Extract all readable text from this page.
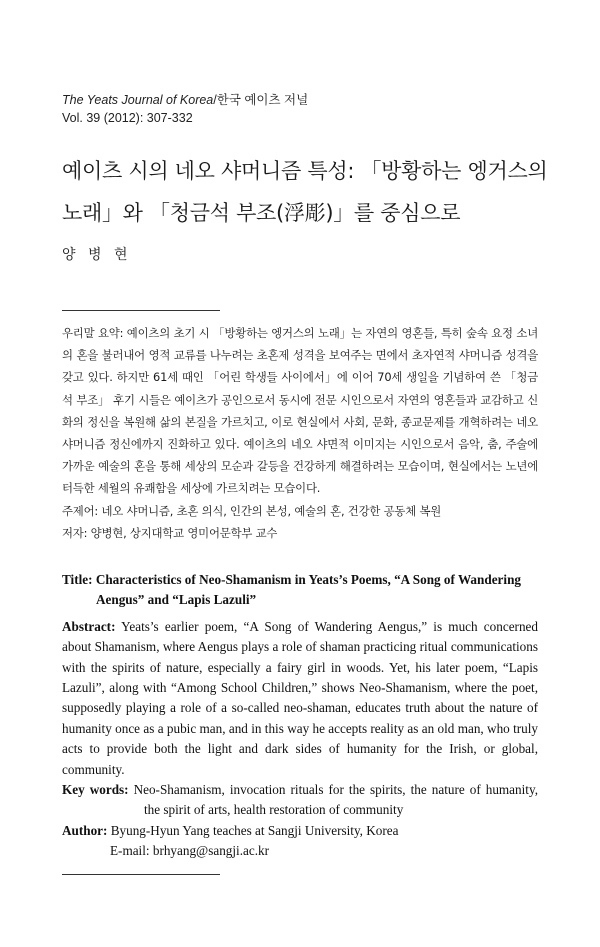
The Yeats Journal of Korea/한국 예이츠 저널
Vol. 39 (2012): 307-332
예이츠 시의 네오 샤머니즘 특성: 「방황하는 엥거스의 노래」와 「청금석 부조(浮彫)」를 중심으로
양 병 현

우리말 요약: 예이츠의 초기 시 「방황하는 엥거스의 노래」는 자연의 영혼들, 특히 숲속 요정 소녀의 혼을 불러내어 영적 교류를 나누려는 초혼제 성격을 보여주는 면에서 초자연적 샤머니즘 성격을 갖고 있다. 하지만 61세 때인 「어린 학생들 사이에서」에 이어 70세 생일을 기념하여 쓴 「청금석 부조」 후기 시들은 예이츠가 공인으로서 동시에 전문 시인으로서 자연의 영혼들과 교감하고 신화의 정신을 복원해 삶의 본질을 가르치고, 이로 현실에서 사회, 문화, 종교문제를 개혁하려는 네오 샤머니즘 정신에까지 진화하고 있다. 예이츠의 네오 샤면적 이미지는 시인으로서 음악, 춤, 주술에 가까운 예술의 혼을 통해 세상의 모순과 갈등을 건강하게 해결하려는 모습이며, 현실에서는 노년에 터득한 세월의 유쾌함을 세상에 가르치려는 모습이다.

주제어: 네오 샤머니즘, 초혼 의식, 인간의 본성, 예술의 혼, 건강한 공동체 복원

저자: 양병현, 상지대학교 영미어문학부 교수

Title: Characteristics of Neo-Shamanism in Yeats’s Poems, “A Song of Wandering Aengus” and “Lapis Lazuli”

Abstract: Yeats’s earlier poem, “A Song of Wandering Aengus,” is much concerned about Shamanism, where Aengus plays a role of shaman practicing ritual communications with the spirits of nature, especially a fairy girl in woods. Yet, his later poem, “Lapis Lazuli”, along with “Among School Children,” shows Neo-Shamanism, where the poet, supposedly playing a role of a so-called neo-shaman, educates truth about the nature of humanity once as a pubic man, and in this way he accepts reality as an old man, who truly acts to provide both the light and dark sides of humanity for the Irish, or global, community.

Key words: Neo-Shamanism, invocation rituals for the spirits, the nature of humanity, the spirit of arts, health restoration of community

Author: Byung-Hyun Yang teaches at Sangji University, Korea

E-mail: brhyang@sangji.ac.kr
